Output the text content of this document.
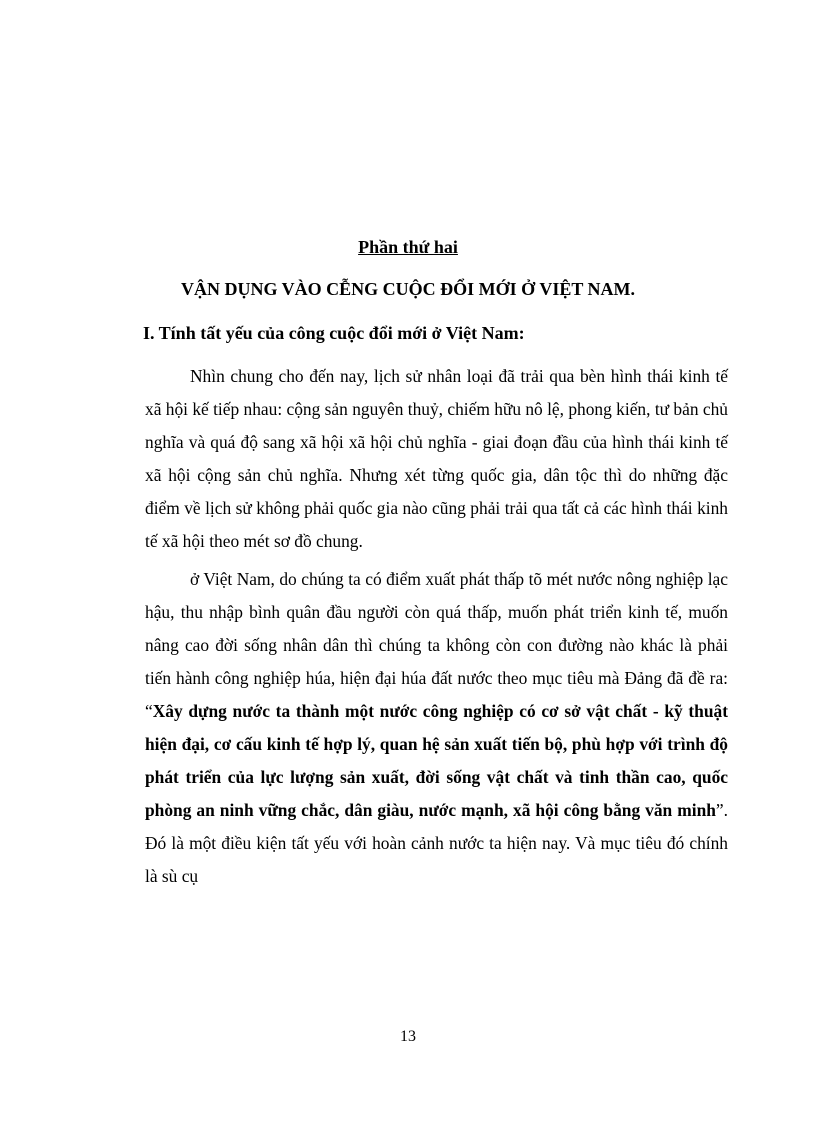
Phần thứ hai
VẬN DỤNG VÀO CỄNG CUỘC ĐỔI MỚI Ở VIỆT NAM.
I. Tính tất yếu của công cuộc đổi mới ở Việt Nam:

Nhìn chung cho đến nay, lịch sử nhân loại đã trải qua bèn hình thái kinh tế xã hội kế tiếp nhau: cộng sản nguyên thuỷ, chiếm hữu nô lệ, phong kiến, tư bản chủ nghĩa và quá độ sang xã hội xã hội chủ nghĩa - giai đoạn đầu của hình thái kinh tế xã hội cộng sản chủ nghĩa. Nhưng xét từng quốc gia, dân tộc thì do những đặc điểm về lịch sử không phải quốc gia nào cũng phải trải qua tất cả các hình thái kinh tế xã hội theo mét sơ đồ chung.

ở Việt Nam, do chúng ta có điểm xuất phát thấp tõ mét nước nông nghiệp lạc hậu, thu nhập bình quân đầu người còn quá thấp, muốn phát triển kinh tế, muốn nâng cao đời sống nhân dân thì chúng ta không còn con đường nào khác là phải tiến hành công nghiệp húa, hiện đại húa đất nước theo mục tiêu mà Đảng đã đề ra: “Xây dựng nước ta thành một nước công nghiệp có cơ sở vật chất - kỹ thuật hiện đại, cơ cấu kinh tế hợp lý, quan hệ sản xuất tiến bộ, phù hợp với trình độ phát triển của lực lượng sản xuất, đời sống vật chất và tinh thần cao, quốc phòng an ninh vững chắc, dân giàu, nước mạnh, xã hội công bằng văn minh”. Đó là một điều kiện tất yếu với hoàn cảnh nước ta hiện nay. Và mục tiêu đó chính là sù cụ

13
